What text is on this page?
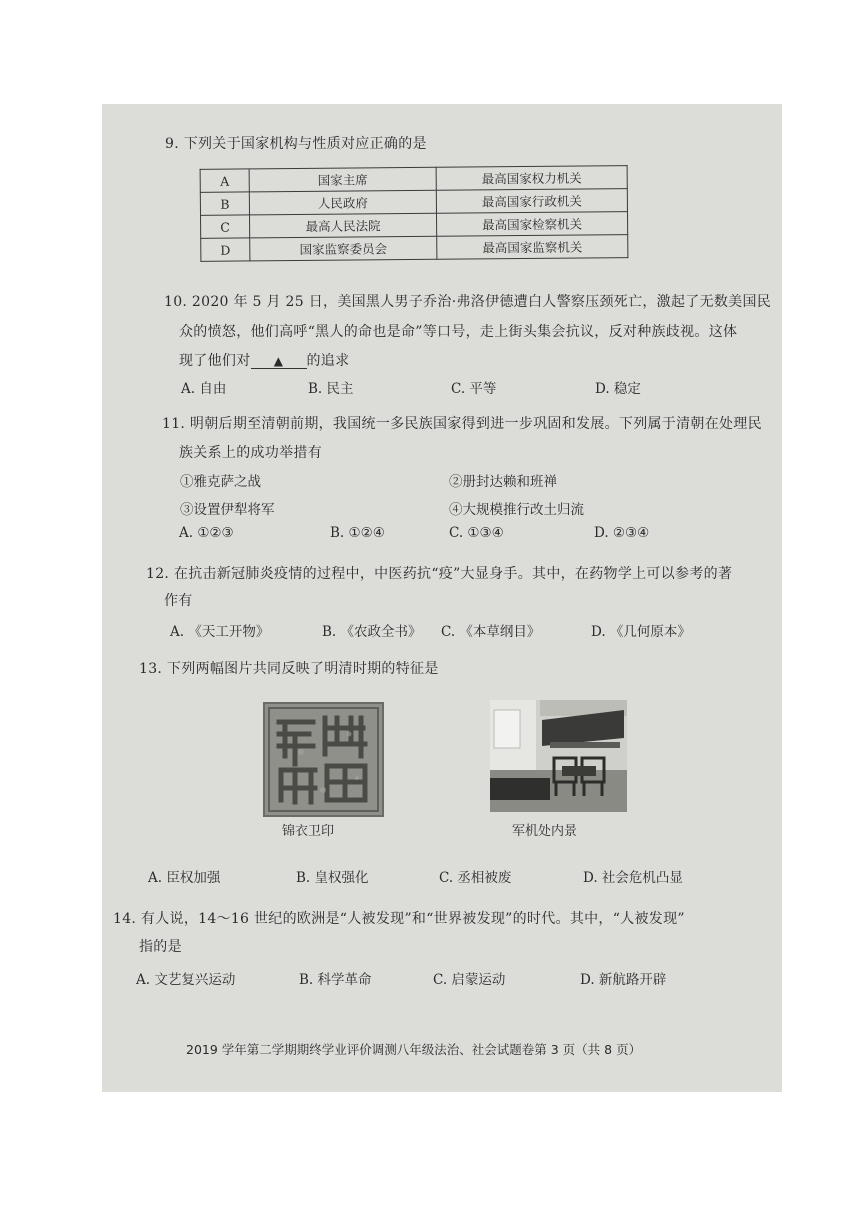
9. 下列关于国家机构与性质对应正确的是
A	国家主席	最高国家权力机关
B	人民政府	最高国家行政机关
C	最高人民法院	最高国家检察机关
D	国家监察委员会	最高国家监察机关
10. 2020 年 5 月 25 日，美国黑人男子乔治·弗洛伊德遭白人警察压颈死亡，激起了无数美国民
众的愤怒，他们高呼“黑人的命也是命”等口号，走上街头集会抗议，反对种族歧视。这体
现了他们对 ▲ 的追求
A. 自由	B. 民主	C. 平等	D. 稳定
11. 明朝后期至清朝前期，我国统一多民族国家得到进一步巩固和发展。下列属于清朝在处理民
族关系上的成功举措有
①雅克萨之战	②册封达赖和班禅
③设置伊犁将军	④大规模推行改土归流
A. ①②③	B. ①②④	C. ①③④	D. ②③④
12. 在抗击新冠肺炎疫情的过程中，中医药抗“疫”大显身手。其中，在药物学上可以参考的著
作有
A. 《天工开物》	B. 《农政全书》 C. 《本草纲目》	D. 《几何原本》
13. 下列两幅图片共同反映了明清时期的特征是
锦衣卫印	军机处内景
A. 臣权加强	B. 皇权强化	C. 丞相被废	D. 社会危机凸显
14. 有人说，14～16 世纪的欧洲是“人被发现”和“世界被发现”的时代。其中，“人被发现”
指的是
A. 文艺复兴运动	B. 科学革命	C. 启蒙运动	D. 新航路开辟
2019 学年第二学期期终学业评价调测八年级法治、社会试题卷第 3 页（共 8 页）
